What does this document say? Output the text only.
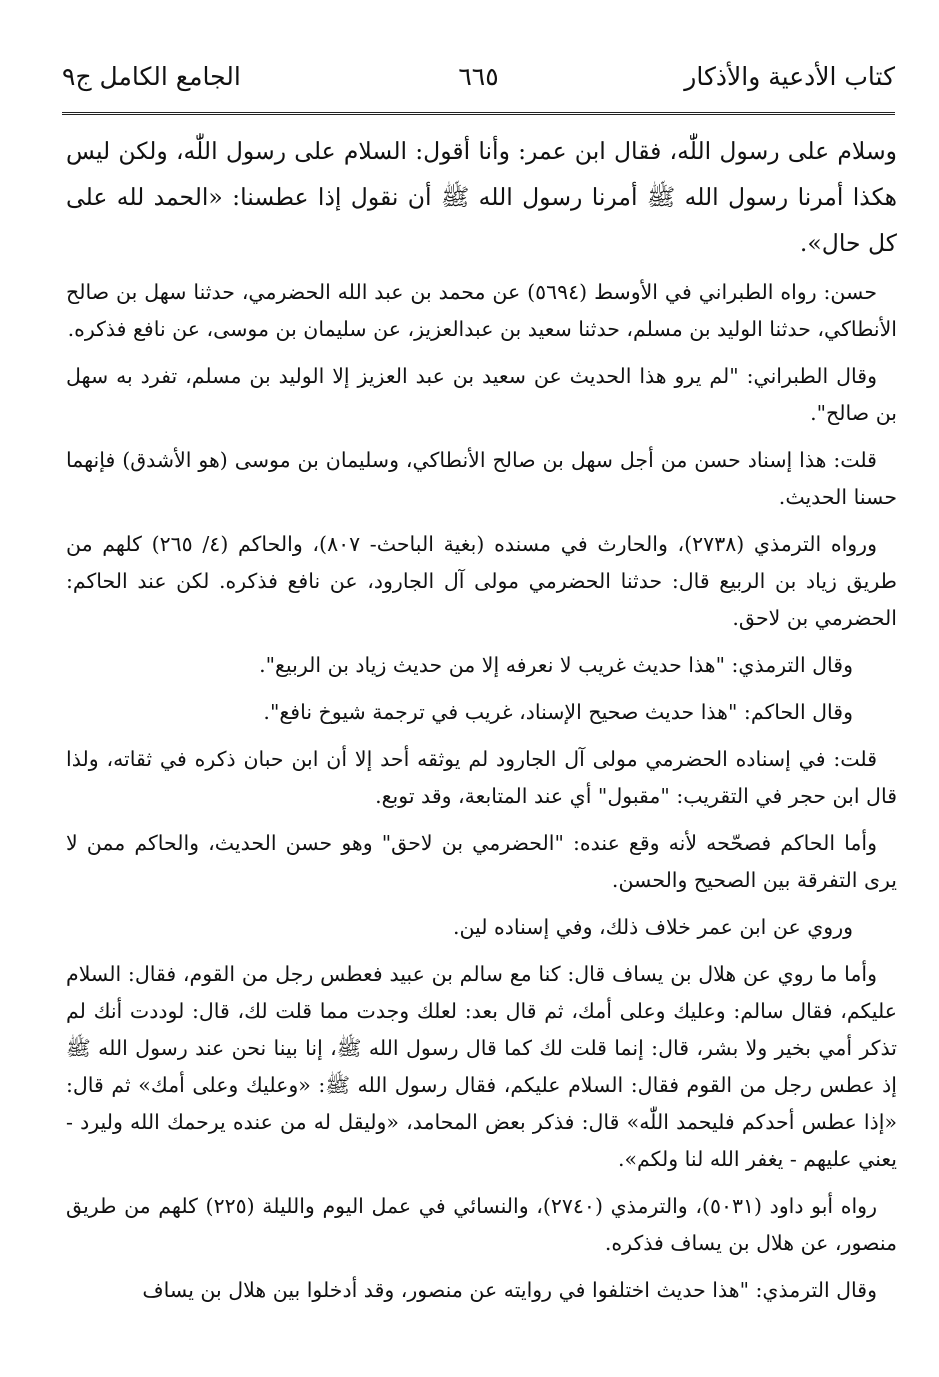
كتاب الأدعية والأذكار
٦٦٥
الجامع الكامل ج٩

وسلام على رسول اللّٰه، فقال ابن عمر: وأنا أقول: السلام على رسول اللّٰه، ولكن ليس هكذا أمرنا رسول الله ﷺ أمرنا رسول الله ﷺ أن نقول إذا عطسنا: «الحمد لله على كل حال».

حسن: رواه الطبراني في الأوسط (٥٦٩٤) عن محمد بن عبد الله الحضرمي، حدثنا سهل بن صالح الأنطاكي، حدثنا الوليد بن مسلم، حدثنا سعيد بن عبدالعزيز، عن سليمان بن موسى، عن نافع فذكره.

وقال الطبراني: "لم يرو هذا الحديث عن سعيد بن عبد العزيز إلا الوليد بن مسلم، تفرد به سهل بن صالح".

قلت: هذا إسناد حسن من أجل سهل بن صالح الأنطاكي، وسليمان بن موسى (هو الأشدق) فإنهما حسنا الحديث.

ورواه الترمذي (٢٧٣٨)، والحارث في مسنده (بغية الباحث- ٨٠٧)، والحاكم (٤/ ٢٦٥) كلهم من طريق زياد بن الربيع قال: حدثنا الحضرمي مولى آل الجارود، عن نافع فذكره. لكن عند الحاكم: الحضرمي بن لاحق.

وقال الترمذي: "هذا حديث غريب لا نعرفه إلا من حديث زياد بن الربيع".

وقال الحاكم: "هذا حديث صحيح الإسناد، غريب في ترجمة شيوخ نافع".

قلت: في إسناده الحضرمي مولى آل الجارود لم يوثقه أحد إلا أن ابن حبان ذكره في ثقاته، ولذا قال ابن حجر في التقريب: "مقبول" أي عند المتابعة، وقد توبع.

وأما الحاكم فصحّحه لأنه وقع عنده: "الحضرمي بن لاحق" وهو حسن الحديث، والحاكم ممن لا يرى التفرقة بين الصحيح والحسن.

وروي عن ابن عمر خلاف ذلك، وفي إسناده لين.

وأما ما روي عن هلال بن يساف قال: كنا مع سالم بن عبيد فعطس رجل من القوم، فقال: السلام عليكم، فقال سالم: وعليك وعلى أمك، ثم قال بعد: لعلك وجدت مما قلت لك، قال: لوددت أنك لم تذكر أمي بخير ولا بشر، قال: إنما قلت لك كما قال رسول الله ﷺ، إنا بينا نحن عند رسول الله ﷺ إذ عطس رجل من القوم فقال: السلام عليكم، فقال رسول الله ﷺ: «وعليك وعلى أمك» ثم قال: «إذا عطس أحدكم فليحمد اللّٰه» قال: فذكر بعض المحامد، «وليقل له من عنده يرحمك الله وليرد - يعني عليهم - يغفر الله لنا ولكم».

رواه أبو داود (٥٠٣١)، والترمذي (٢٧٤٠)، والنسائي في عمل اليوم والليلة (٢٢٥) كلهم من طريق منصور، عن هلال بن يساف فذكره.

وقال الترمذي: "هذا حديث اختلفوا في روايته عن منصور، وقد أدخلوا بين هلال بن يساف
